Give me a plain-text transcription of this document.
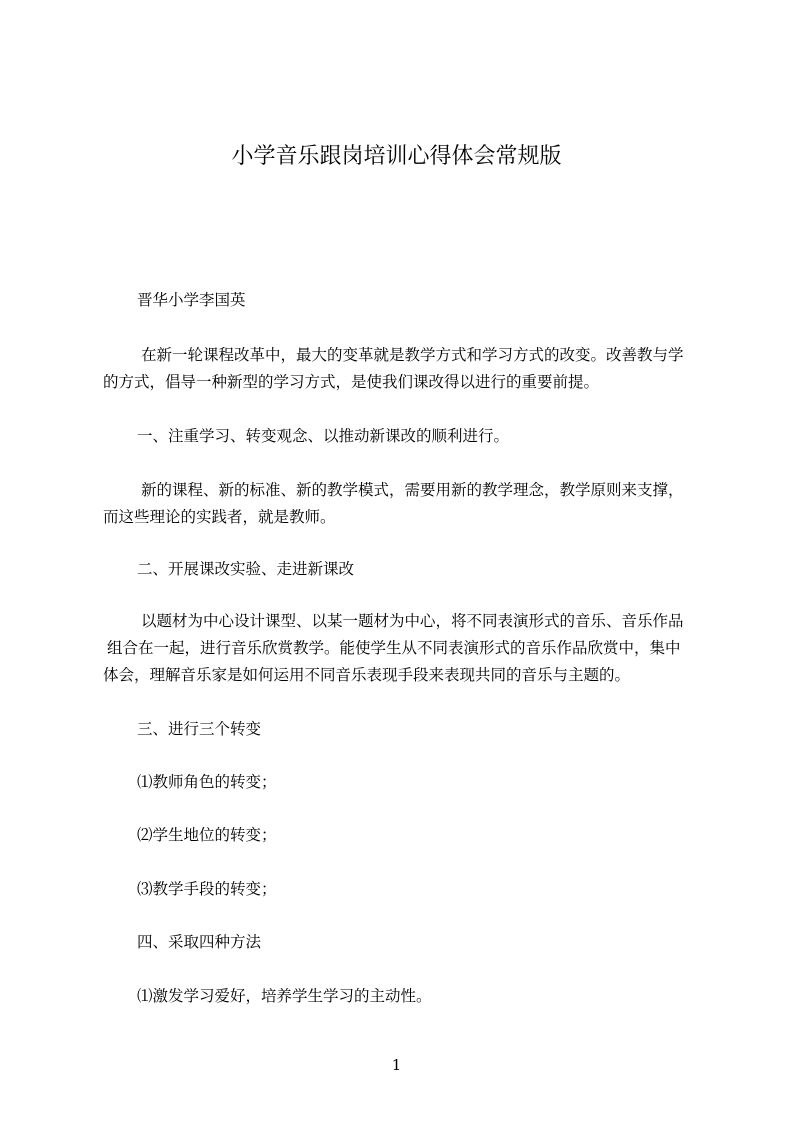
小学音乐跟岗培训心得体会常规版
晋华小学李国英
在新一轮课程改革中，最大的变革就是教学方式和学习方式的改变。改善教与学
的方式，倡导一种新型的学习方式，是使我们课改得以进行的重要前提。
一、注重学习、转变观念、以推动新课改的顺利进行。
新的课程、新的标准、新的教学模式，需要用新的教学理念，教学原则来支撑，
而这些理论的实践者，就是教师。
二、开展课改实验、走进新课改
以题材为中心设计课型、以某一题材为中心，将不同表演形式的音乐、音乐作品
组合在一起，进行音乐欣赏教学。能使学生从不同表演形式的音乐作品欣赏中，集中
体会，理解音乐家是如何运用不同音乐表现手段来表现共同的音乐与主题的。
三、进行三个转变
⑴教师角色的转变；
⑵学生地位的转变；
⑶教学手段的转变；
四、采取四种方法
⑴激发学习爱好，培养学生学习的主动性。
1
